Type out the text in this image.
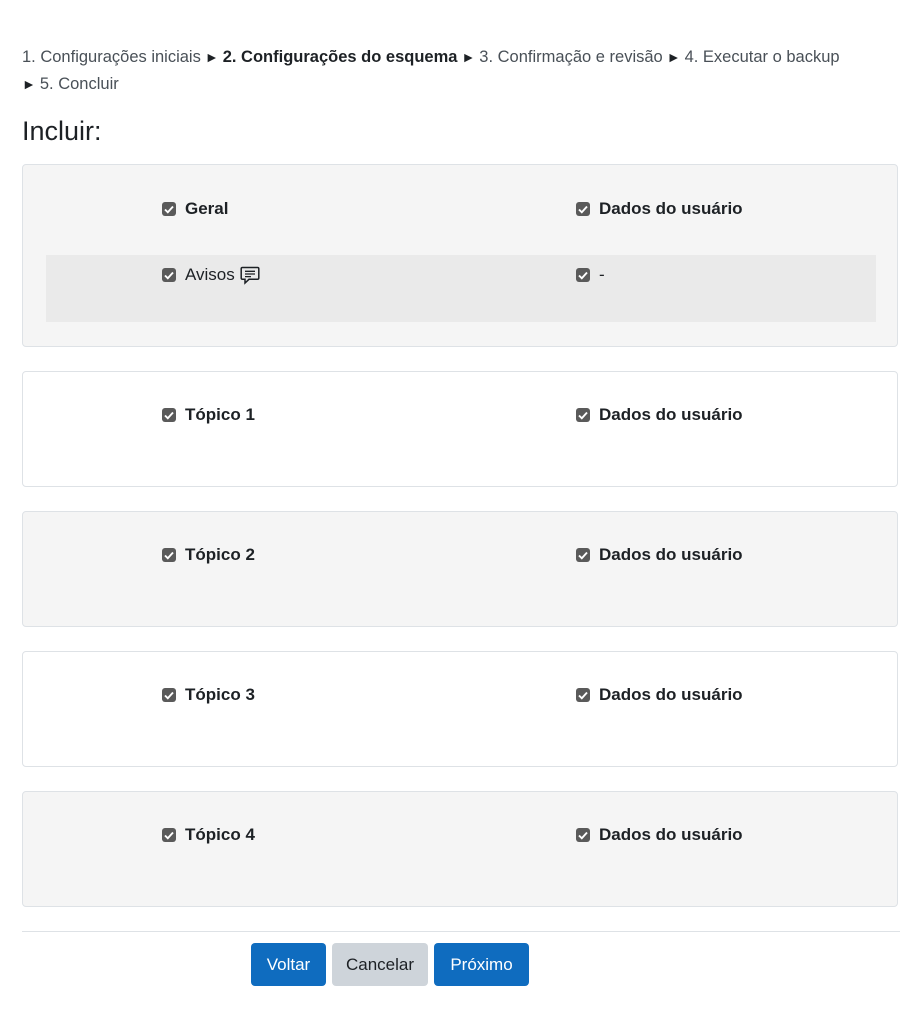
1. Configurações iniciais ► 2. Configurações do esquema ► 3. Confirmação e revisão ► 4. Executar o backup
► 5. Concluir
Incluir:
Geral	Dados do usuário
Avisos	-
Tópico 1	Dados do usuário
Tópico 2	Dados do usuário
Tópico 3	Dados do usuário
Tópico 4	Dados do usuário
Voltar	Cancelar	Próximo
